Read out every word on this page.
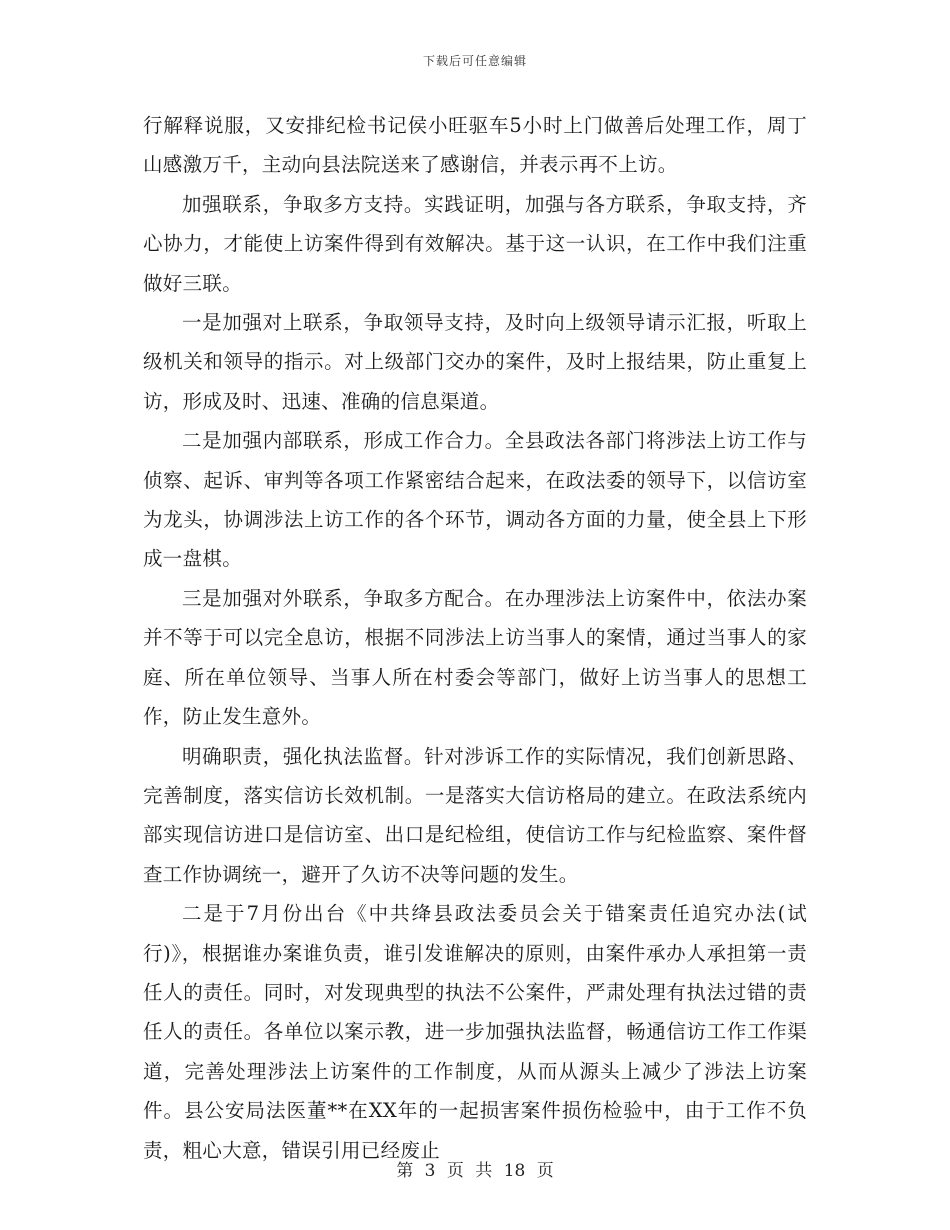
下载后可任意编辑

行解释说服，又安排纪检书记侯小旺驱车5小时上门做善后处理工作，周丁山感激万千，主动向县法院送来了感谢信，并表示再不上访。

加强联系，争取多方支持。实践证明，加强与各方联系，争取支持，齐心协力，才能使上访案件得到有效解决。基于这一认识，在工作中我们注重做好三联。

一是加强对上联系，争取领导支持，及时向上级领导请示汇报，听取上级机关和领导的指示。对上级部门交办的案件，及时上报结果，防止重复上访，形成及时、迅速、准确的信息渠道。

二是加强内部联系，形成工作合力。全县政法各部门将涉法上访工作与侦察、起诉、审判等各项工作紧密结合起来，在政法委的领导下，以信访室为龙头，协调涉法上访工作的各个环节，调动各方面的力量，使全县上下形成一盘棋。

三是加强对外联系，争取多方配合。在办理涉法上访案件中，依法办案并不等于可以完全息访，根据不同涉法上访当事人的案情，通过当事人的家庭、所在单位领导、当事人所在村委会等部门，做好上访当事人的思想工作，防止发生意外。

明确职责，强化执法监督。针对涉诉工作的实际情况，我们创新思路、完善制度，落实信访长效机制。一是落实大信访格局的建立。在政法系统内部实现信访进口是信访室、出口是纪检组，使信访工作与纪检监察、案件督查工作协调统一，避开了久访不决等问题的发生。

二是于7月份出台《中共绛县政法委员会关于错案责任追究办法(试行)》，根据谁办案谁负责，谁引发谁解决的原则，由案件承办人承担第一责任人的责任。同时，对发现典型的执法不公案件，严肃处理有执法过错的责任人的责任。各单位以案示教，进一步加强执法监督，畅通信访工作工作渠道，完善处理涉法上访案件的工作制度，从而从源头上减少了涉法上访案件。县公安局法医董**在XX年的一起损害案件损伤检验中，由于工作不负责，粗心大意，错误引用已经废止

第 3 页 共 18 页
